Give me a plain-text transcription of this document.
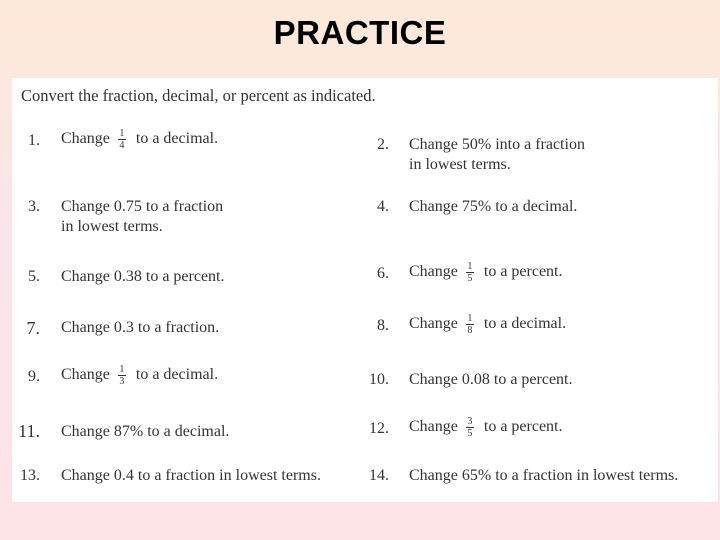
PRACTICE
Convert the fraction, decimal, or percent as indicated.
1. Change $\frac{1}{4}$ to a decimal.	2. Change 50% into a fraction
in lowest terms.
3. Change 0.75 to a fraction
in lowest terms.
4. Change 75% to a decimal.
5. Change 0.38 to a percent.	6. Change $\frac{1}{5}$ to a percent.
7. Change 0.3 to a fraction.	8. Change $\frac{1}{8}$ to a decimal.
9. Change $\frac{1}{3}$ to a decimal.	10. Change 0.08 to a percent.
11. Change 87% to a decimal.	12. Change $\frac{3}{5}$ to a percent.
13. Change 0.4 to a fraction in lowest terms.	14. Change 65% to a fraction in lowest terms.
